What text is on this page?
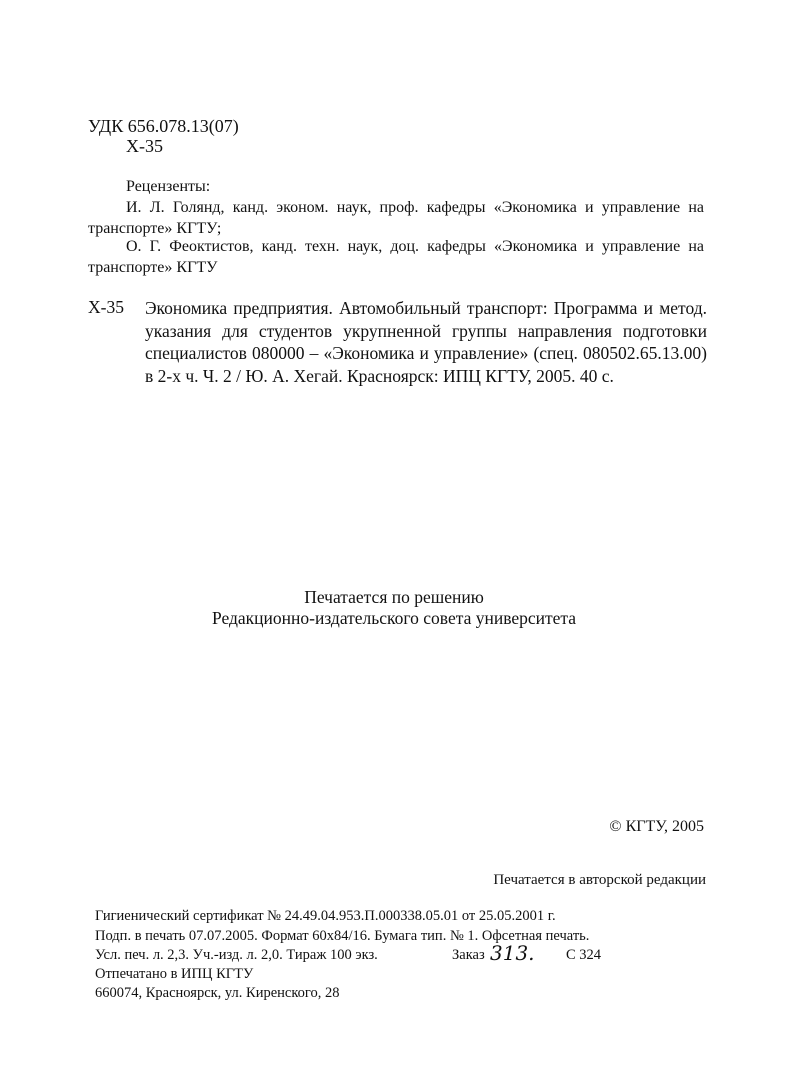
УДК 656.078.13(07)
Х-35
Рецензенты:
И. Л. Голянд, канд. эконом. наук, проф. кафедры «Экономика и управление на транспорте» КГТУ;
О. Г. Феоктистов, канд. техн. наук, доц. кафедры «Экономика и управление на транспорте» КГТУ
Х-35 Экономика предприятия. Автомобильный транспорт: Программа и метод. указания для студентов укрупненной группы направления подготовки специалистов 080000 – «Экономика и управление» (спец. 080502.65.13.00) в 2-х ч. Ч. 2 / Ю. А. Хегай. Красноярск: ИПЦ КГТУ, 2005. 40 с.
Печатается по решению
Редакционно-издательского совета университета
© КГТУ, 2005
Печатается в авторской редакции
Гигиенический сертификат № 24.49.04.953.П.000338.05.01 от 25.05.2001 г.
Подп. в печать 07.07.2005. Формат 60х84/16. Бумага тип. № 1. Офсетная печать.
Усл. печ. л. 2,3. Уч.-изд. л. 2,0. Тираж 100 экз.	Заказ 313. С 324
Отпечатано в ИПЦ КГТУ
660074, Красноярск, ул. Киренского, 28
